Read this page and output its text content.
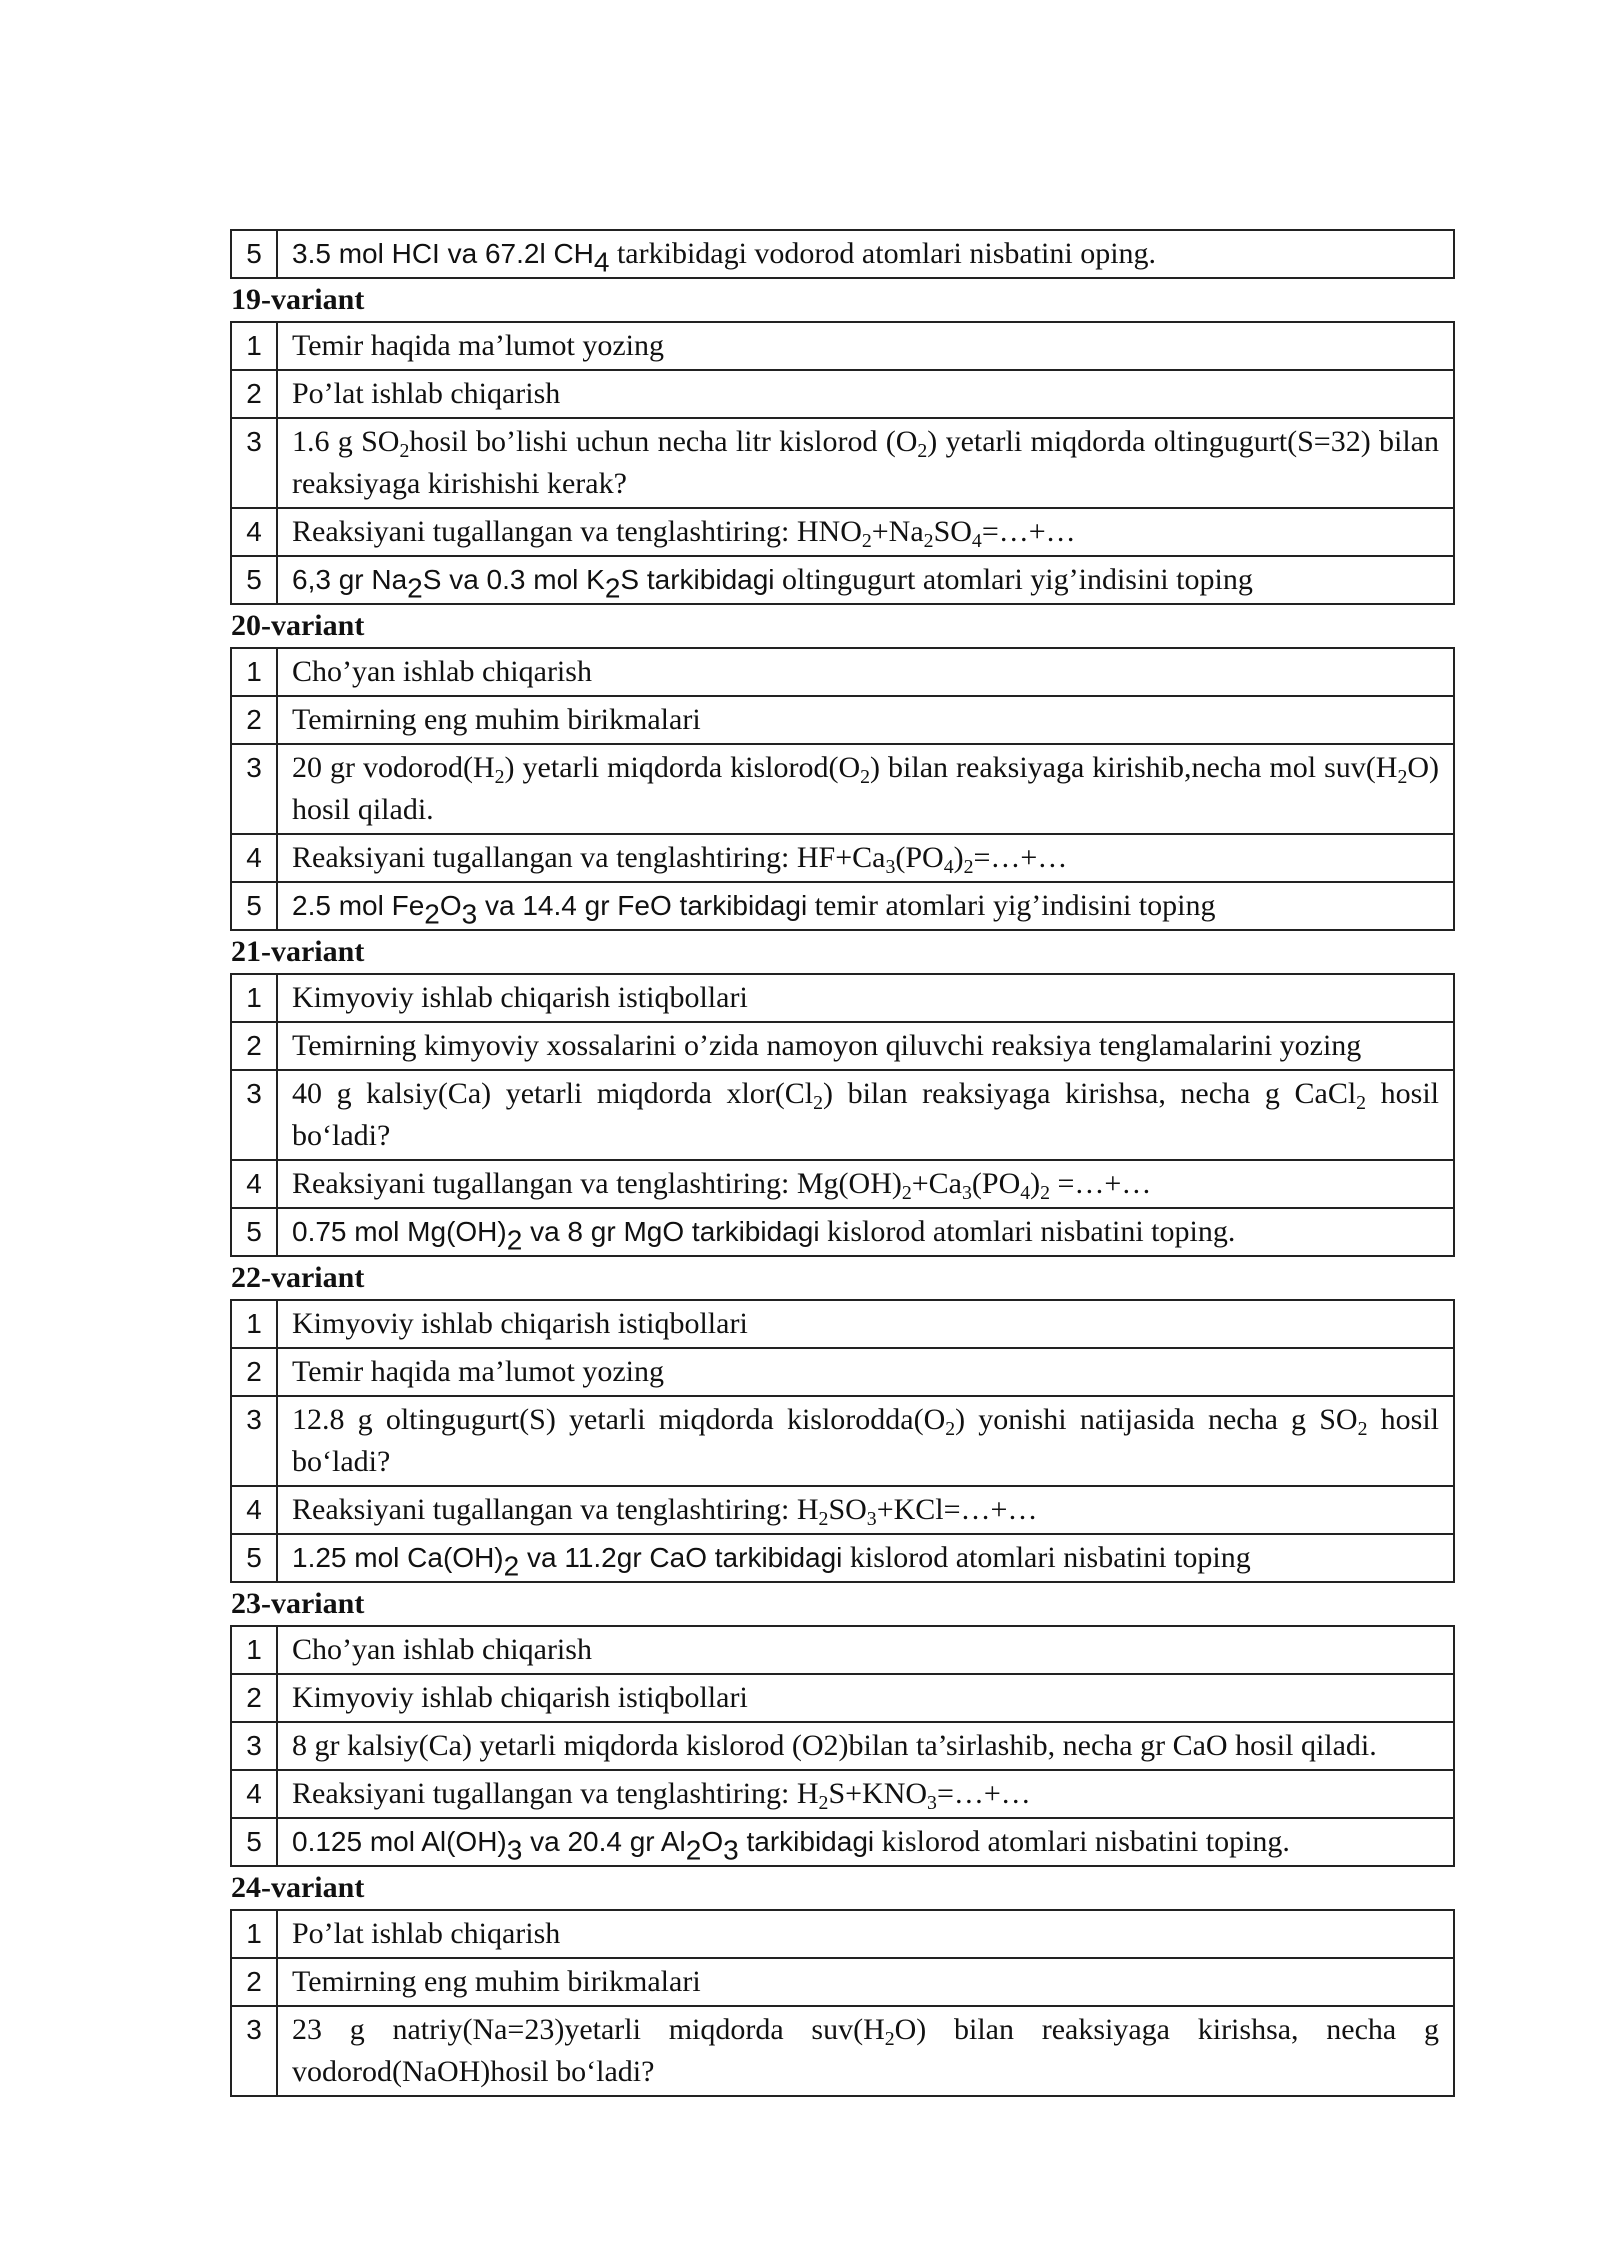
5	3.5 mol HCI va 67.2l $CH_4$ tarkibidagi vodorod atomlari nisbatini oping.
19-variant
1	Temir haqida ma’lumot yozing
2	Po’lat ishlab chiqarish
3	1.6 g $SO_2hosil$ bo’lishi uchun necha litr kislorod $(O_2)$ yetarli miqdorda oltingugurt(S=32) bilan reaksiyaga kirishishi kerak?
4	Reaksiyani tugallangan va tenglashtiring: $HNO_2+Na_2SO_4=\dots+\dots$
5	6,3 gr $Na_2S$ va 0.3 mol $K_2S$ tarkibidagi oltingugurt atomlari yig’indisini toping
20-variant
1	Cho’yan ishlab chiqarish
2	Temirning eng muhim birikmalari
3	20 gr $vodorod(H_2)$ yetarli miqdorda $kislorod(O_2)$ bilan reaksiyaga kirishib,necha mol $suv(H_2O)$ hosil qiladi.
4	Reaksiyani tugallangan va tenglashtiring: $HF+Ca_3(PO_4)_2=\dots+\dots$
5	2.5 mol $Fe_2O_3$ va 14.4 gr FeO tarkibidagi temir atomlari yig’indisini toping
21-variant
1	Kimyoviy ishlab chiqarish istiqbollari
2	Temirning kimyoviy xossalarini o’zida namoyon qiluvchi reaksiya tenglamalarini yozing
3	40 g kalsiy(Ca) yetarli miqdorda $xlor(Cl_2)$ bilan reaksiyaga kirishsa, necha g CaCl$_2$ hosil bo‘ladi?
4	Reaksiyani tugallangan va tenglashtiring: $Mg(OH)_2+Ca_3(PO_4)_2$ =…+…
5	0.75 mol $Mg(OH)_2$ va 8 gr MgO tarkibidagi kislorod atomlari nisbatini toping.
22-variant
1	Kimyoviy ishlab chiqarish istiqbollari
2	Temir haqida ma’lumot yozing
3	12.8 g oltingugurt(S) yetarli miqdorda $kislorodda(O_2)$ yonishi natijasida necha g $SO_2$ hosil bo‘ladi?
4	Reaksiyani tugallangan va tenglashtiring: $H_2SO_3+KCl=\dots+\dots$
5	1.25 mol $Ca(OH)_2$ va 11.2gr CaO tarkibidagi kislorod atomlari nisbatini toping
23-variant
1	Cho’yan ishlab chiqarish
2	Kimyoviy ishlab chiqarish istiqbollari
3	8 gr kalsiy(Ca) yetarli miqdorda kislorod (O2)bilan ta’sirlashib, necha gr CaO hosil qiladi.
4	Reaksiyani tugallangan va tenglashtiring: $H_2S+KNO_3=\dots+\dots$
5	0.125 mol $Al(OH)_3$ va 20.4 gr $Al_2O_3$ tarkibidagi kislorod atomlari nisbatini toping.
24-variant
1	Po’lat ishlab chiqarish
2	Temirning eng muhim birikmalari
3	23 g natriy(Na=23)yetarli miqdorda $suv(H_2O)$ bilan reaksiyaga kirishsa, necha g vodorod(NaOH)hosil bo‘ladi?
